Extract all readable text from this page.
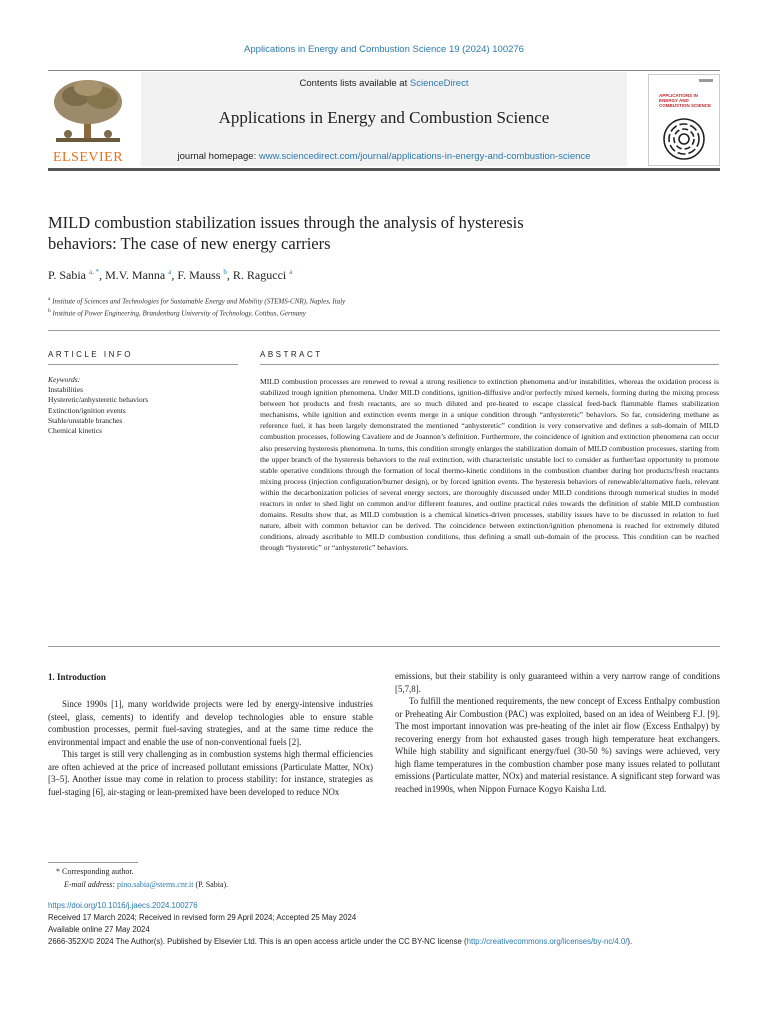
Applications in Energy and Combustion Science 19 (2024) 100276
ELSEVIER
Contents lists available at ScienceDirect
Applications in Energy and Combustion Science
journal homepage: www.sciencedirect.com/journal/applications-in-energy-and-combustion-science
APPLICATIONS IN ENERGY AND COMBUSTION SCIENCE
MILD combustion stabilization issues through the analysis of hysteresis
behaviors: The case of new energy carriers
P. Sabia $^{a, *}$, M.V. Manna $^a$, F. Mauss $^b$, R. Ragucci $^a$
$^a$ Institute of Sciences and Technologies for Sustainable Energy and Mobility (STEMS-CNR), Naples, Italy
$^b$ Institute of Power Engineering, Brandenburg University of Technology, Cottbus, Germany
ARTICLE INFO	ABSTRACT
Keywords:
Instabilities
Hysteretic/anhysteretic behaviors
Extinction/ignition events
Stable/unstable branches
Chemical kinetics
MILD combustion processes are renewed to reveal a strong resilience to extinction phenomena and/or instabilities, whereas the oxidation process is stabilized trough ignition phenomena. Under MILD conditions, ignition-diffusive and/or perfectly mixed kernels, forming during the mixing process between hot products and fresh reactants, are so much diluted and pre-heated to escape classical feed-back flammable flames stabilization mechanisms, while ignition and extinction events merge in a unique condition through “anhysteretic” behaviors. So far, considering methane as reference fuel, it has been largely demonstrated the mentioned “anhysteretic” condition is very conservative and defines a sub-domain of MILD combustion processes, following Cavaliere and de Joannon’s definition. Furthermore, the coincidence of ignition and extinction phenomena can occur also preserving hysteresis phenomena. In turns, this condition strongly enlarges the stabilization domain of MILD combustion processes, starting from the upper branch of the hysteresis behaviors to the real extinction, with characteristic unstable loci to consider as further/last opportunity to promote stable operative conditions through the formation of local thermo-kinetic conditions in the combustion chamber during hot products/fresh reactants mixing process (injection configuration/burner design), or by forced ignition events. The hysteresis behaviors of renewable/alternative fuels, relevant within the decarbonization policies of several energy sectors, are thoroughly discussed under MILD conditions through numerical studies in model reactors in order to shed light on common and/or different features, and outline practical rules towards the definition of stable MILD combustion domains. Results show that, as MILD combustion is a chemical kinetics-driven processes, stability issues have to be discussed in relation to fuel nature, albeit with common behavior can be derived. The coincidence between extinction/ignition phenomena is reached for extremely diluted conditions, already ascribable to MILD combustion conditions, thus defining a small sub-domain of the process. This condition can be reached through “hysteretic” or “anhysteretic” behaviors.
1. Introduction

Since 1990s [1], many worldwide projects were led by energy-intensive industries (steel, glass, cements) to identify and develop technologies able to ensure stable combustion processes, permit fuel-saving strategies, and at the same time reduce the environmental impact and enable the use of non-conventional fuels [2].

This target is still very challenging as in combustion systems high thermal efficiencies are often achieved at the price of increased pollutant emissions (Particulate Matter, NOx) [3–5]. Another issue may come in relation to process stability: for instance, strategies as fuel-staging [6], air-staging or lean-premixed have been developed to reduce NOx

emissions, but their stability is only guaranteed within a very narrow range of conditions [5,7,8].

To fulfill the mentioned requirements, the new concept of Excess Enthalpy combustion or Preheating Air Combustion (PAC) was exploited, based on an idea of Weinberg F.J. [9]. The most important innovation was pre-heating of the inlet air flow (Excess Enthalpy) by recovering energy from hot exhausted gases trough high temperature heat exchangers. While high stability and significant energy/fuel (30-50 %) savings were achieved, very high flame temperatures in the combustion chamber pose many issues related to pollutant emissions (Particulate matter, NOx) and material resistance. A significant step forward was reached in1990s, when Nippon Furnace Kogyo Kaisha Ltd.

* Corresponding author.
E-mail address: pino.sabia@stems.cnr.it (P. Sabia).
https://doi.org/10.1016/j.jaecs.2024.100276
Received 17 March 2024; Received in revised form 29 April 2024; Accepted 25 May 2024
Available online 27 May 2024
2666-352X/© 2024 The Author(s). Published by Elsevier Ltd. This is an open access article under the CC BY-NC license (http://creativecommons.org/licenses/by-nc/4.0/).
